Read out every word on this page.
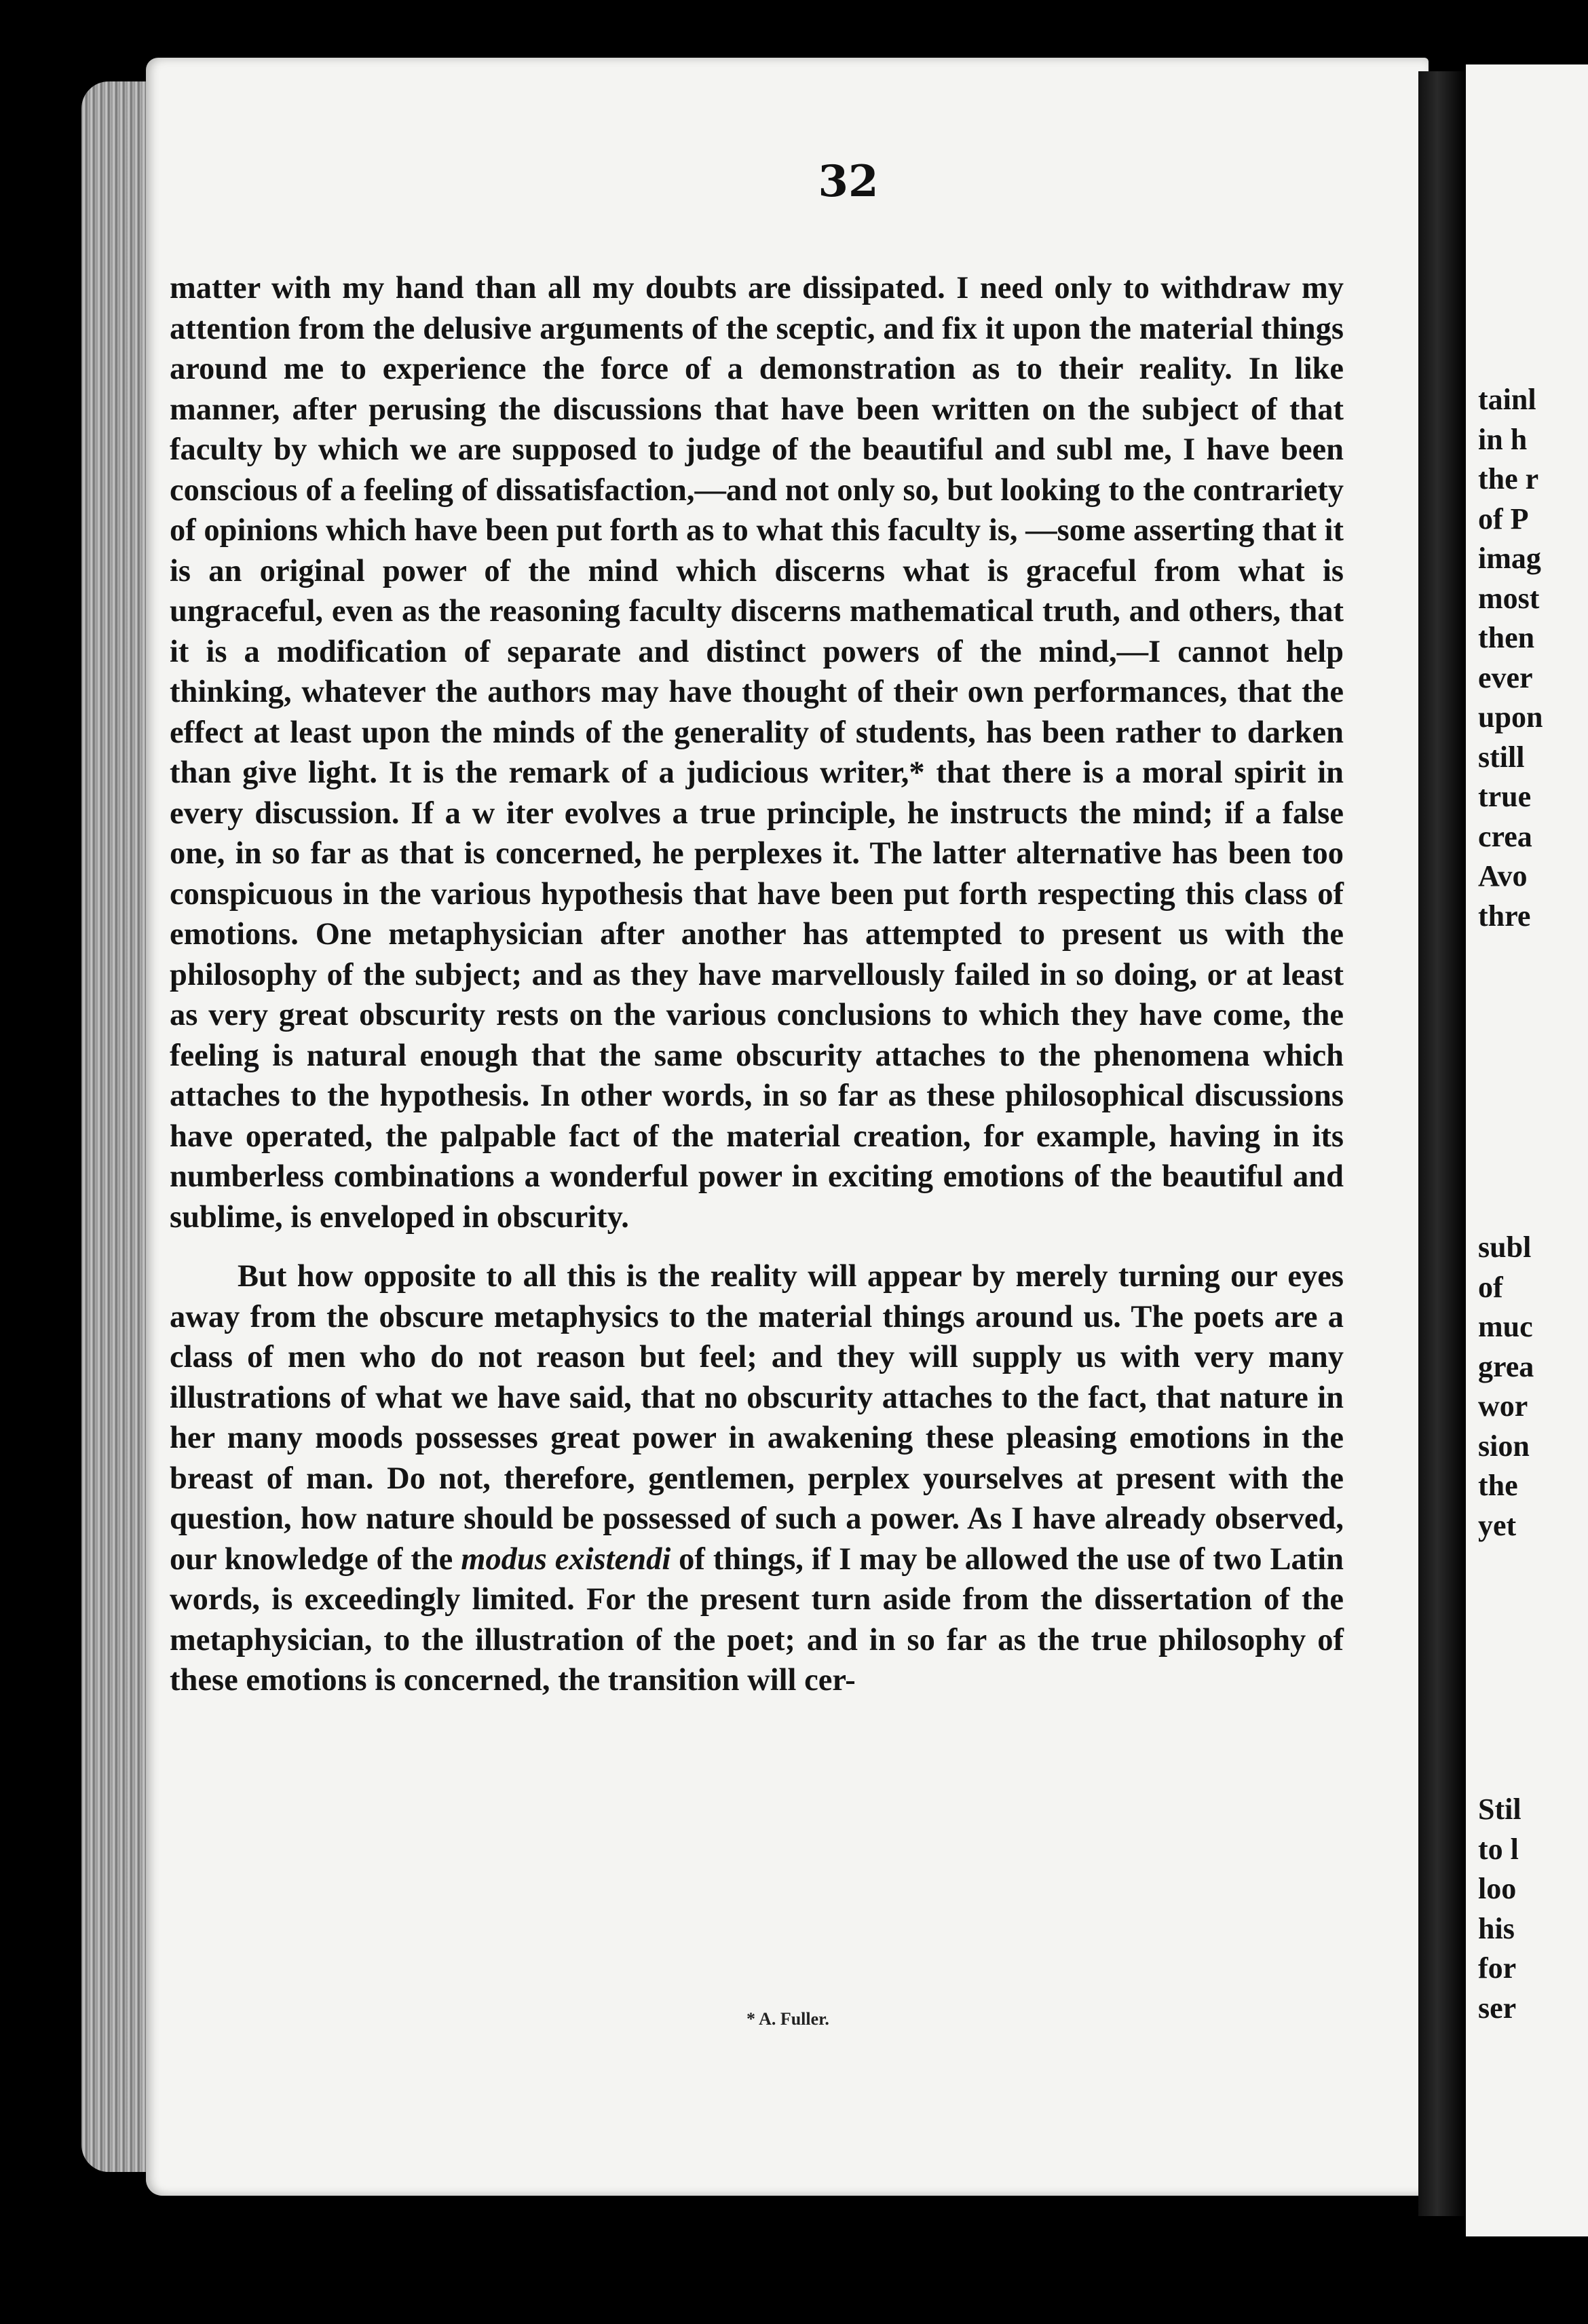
32

matter with my hand than all my doubts are dissipated. I need only to withdraw my attention from the delusive arguments of the sceptic, and fix it upon the material things around me to experience the force of a demonstration as to their reality. In like manner, after perusing the discussions that have been written on the subject of that faculty by which we are supposed to judge of the beautiful and subl me, I have been conscious of a feeling of dissatisfaction,—and not only so, but looking to the contrariety of opinions which have been put forth as to what this faculty is, —some asserting that it is an original power of the mind which discerns what is graceful from what is ungraceful, even as the reasoning faculty discerns mathematical truth, and others, that it is a modification of separate and distinct powers of the mind,—I cannot help thinking, whatever the authors may have thought of their own performances, that the effect at least upon the minds of the generality of students, has been rather to darken than give light. It is the remark of a judicious writer,* that there is a moral spirit in every discussion. If a w iter evolves a true principle, he instructs the mind; if a false one, in so far as that is concerned, he perplexes it. The latter alternative has been too conspicuous in the various hypothesis that have been put forth respecting this class of emotions. One metaphysician after another has attempted to present us with the philosophy of the subject; and as they have marvellously failed in so doing, or at least as very great obscurity rests on the various conclusions to which they have come, the feeling is natural enough that the same obscurity attaches to the phenomena which attaches to the hypothesis. In other words, in so far as these philosophical discussions have operated, the palpable fact of the material creation, for example, having in its numberless combinations a wonderful power in exciting emotions of the beautiful and sublime, is enveloped in obscurity.

But how opposite to all this is the reality will appear by merely turning our eyes away from the obscure metaphysics to the material things around us. The poets are a class of men who do not reason but feel; and they will supply us with very many illustrations of what we have said, that no obscurity attaches to the fact, that nature in her many moods possesses great power in awakening these pleasing emotions in the breast of man. Do not, therefore, gentlemen, perplex yourselves at present with the question, how nature should be possessed of such a power. As I have already observed, our knowledge of the modus existendi of things, if I may be allowed the use of two Latin words, is exceedingly limited. For the present turn aside from the dissertation of the metaphysician, to the illustration of the poet; and in so far as the true philosophy of these emotions is concerned, the transition will cer-

* A. Fuller.
tainl
in h
the r
of P
imag
most
then
ever
upon
still
true
crea
Avo
thre
subl
of
muc
grea
wor
sion
the
yet
Stil
to l
loo
his
for
ser
